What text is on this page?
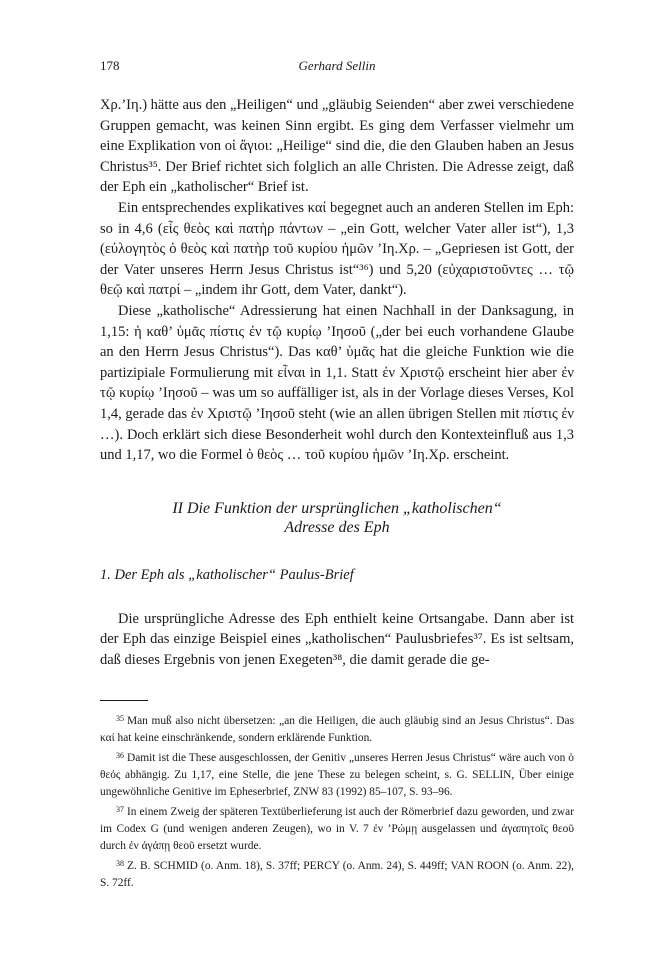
178	Gerhard Sellin

Χρ.’Ιη.) hätte aus den „Heiligen“ und „gläubig Seienden“ aber zwei verschiedene Gruppen gemacht, was keinen Sinn ergibt. Es ging dem Verfasser vielmehr um eine Explikation von οἱ ἅγιοι: „Heilige“ sind die, die den Glauben haben an Jesus Christus³⁵. Der Brief richtet sich folglich an alle Christen. Die Adresse zeigt, daß der Eph ein „katholischer“ Brief ist.

Ein entsprechendes explikatives καί begegnet auch an anderen Stellen im Eph: so in 4,6 (εἷς θεὸς καὶ πατὴρ πάντων – „ein Gott, welcher Vater aller ist“), 1,3 (εὐλογητὸς ὁ θεὸς καὶ πατὴρ τοῦ κυρίου ἡμῶν ’Ιη.Χρ. – „Gepriesen ist Gott, der der Vater unseres Herrn Jesus Christus ist“³⁶) und 5,20 (εὐχαριστοῦντες … τῷ θεῷ καὶ πατρί – „indem ihr Gott, dem Vater, dankt“).

Diese „katholische“ Adressierung hat einen Nachhall in der Danksagung, in 1,15: ἡ καθ’ ὑμᾶς πίστις ἐν τῷ κυρίῳ ’Ιησοῦ („der bei euch vorhandene Glaube an den Herrn Jesus Christus“). Das καθ’ ὑμᾶς hat die gleiche Funktion wie die partizipiale Formulierung mit εἶναι in 1,1. Statt ἐν Χριστῷ erscheint hier aber ἐν τῷ κυρίῳ ’Ιησοῦ – was um so auffälliger ist, als in der Vorlage dieses Verses, Kol 1,4, gerade das ἐν Χριστῷ ’Ιησοῦ steht (wie an allen übrigen Stellen mit πίστις ἐν …). Doch erklärt sich diese Besonderheit wohl durch den Kontexteinfluß aus 1,3 und 1,17, wo die Formel ὁ θεὸς … τοῦ κυρίου ἡμῶν ’Ιη.Χρ. erscheint.

II Die Funktion der ursprünglichen „katholischen“
Adresse des Eph
1. Der Eph als „katholischer“ Paulus-Brief

Die ursprüngliche Adresse des Eph enthielt keine Ortsangabe. Dann aber ist der Eph das einzige Beispiel eines „katholischen“ Paulusbriefes³⁷. Es ist seltsam, daß dieses Ergebnis von jenen Exegeten³⁸, die damit gerade die ge-

$^{35}$ Man muß also nicht übersetzen: „an die Heiligen, die auch gläubig sind an Jesus Christus“. Das καί hat keine einschränkende, sondern erklärende Funktion.

$^{36}$ Damit ist die These ausgeschlossen, der Genitiv „unseres Herren Jesus Christus“ wäre auch von ὁ θεός abhängig. Zu 1,17, eine Stelle, die jene These zu belegen scheint, s. G. SELLIN, Über einige ungewöhnliche Genitive im Epheserbrief, ZNW 83 (1992) 85–107, S. 93–96.

$^{37}$ In einem Zweig der späteren Textüberlieferung ist auch der Römerbrief dazu geworden, und zwar im Codex G (und wenigen anderen Zeugen), wo in V. 7 ἐν ’Ρώμῃ ausgelassen und ἀγαπητοῖς θεοῦ durch ἐν ἀγάπῃ θεοῦ ersetzt wurde.

$^{38}$ Z. B. SCHMID (o. Anm. 18), S. 37ff; PERCY (o. Anm. 24), S. 449ff; VAN ROON (o. Anm. 22), S. 72ff.
